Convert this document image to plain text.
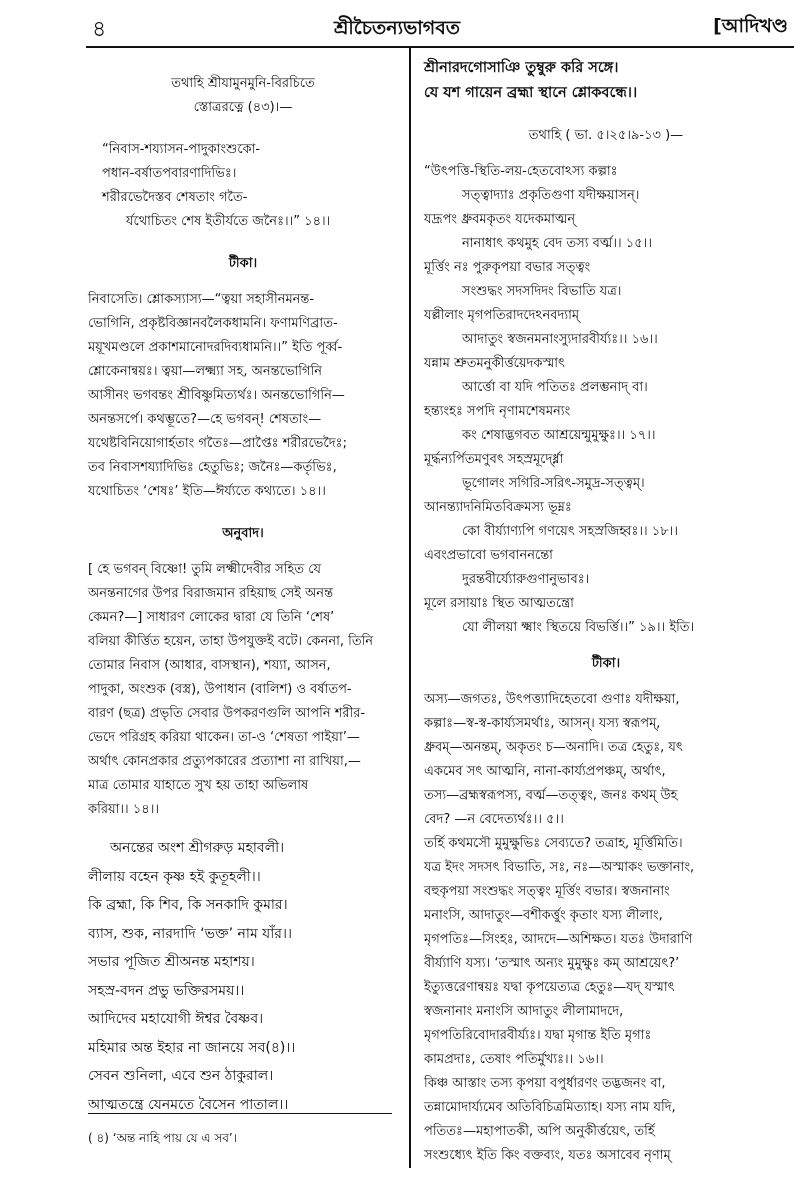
৪	শ্রীচৈতন্যভাগবত	[আদিখণ্ড

তথাহি শ্রীযামুনমুনি-বিরচিতে

স্তোত্ররত্নে (৪৩)।—

“নিবাস-শয্যাসন-পাদুকাংশুকো-

পধান-বর্ষাতপবারণাদিভিঃ।

শরীরভেদৈস্তব শেষতাং গতৈ-

র্যথোচিতং শেষ ইতীর্যতে জনৈঃ।।” ১৪।।

টীকা।

নিবাসেতি। শ্লোকস্যাস্য—“ত্বয়া সহাসীনমনন্ত-

ভোগিনি, প্রকৃষ্টবিজ্ঞানবলৈকধামনি। ফণামণিব্রাত-

ময়ূখমণ্ডলে প্রকাশমানোদরদিব্যধামনি।।” ইতি পূর্ব্ব-

শ্লোকেনান্বয়ঃ। ত্বয়া—লক্ষ্ম্যা সহ, অনন্তভোগিনি

আসীনং ভগবন্তং শ্রীবিষ্ণুমিত্যর্থঃ। অনন্তভোগিনি—

অনন্তসর্পে। কথম্ভূতে?—হে ভগবন্! শেষতাং—

যথেষ্টবিনিয়োগার্হতাং গতৈঃ—প্রাপ্তৈঃ শরীরভেদৈঃ;

তব নিবাসশয্যাদিভিঃ হেতুভিঃ; জনৈঃ—কর্তৃভিঃ,

যথোচিতং ‘শেষঃ’ ইতি—ঈর্য্যতে কথ্যতে। ১৪।।

অনুবাদ।

[ হে ভগবন্ বিষ্ণো! তুমি লক্ষ্মীদেবীর সহিত যে

অনন্তনাগের উপর বিরাজমান রহিয়াছ সেই অনন্ত

কেমন?—] সাধারণ লোকের দ্বারা যে তিনি ‘শেষ’

বলিয়া কীর্ত্তিত হয়েন, তাহা উপযুক্তই বটে। কেননা, তিনি

তোমার নিবাস (আধার, বাসস্থান), শয্যা, আসন,

পাদুকা, অংশুক (বস্ত্র), উপাধান (বালিশ) ও বর্ষাতপ-

বারণ (ছত্র) প্রভৃতি সেবার উপকরণগুলি আপনি শরীর-

ভেদে পরিগ্রহ করিয়া থাকেন। তা-ও ‘শেষতা পাইয়া’—

অর্থাৎ কোনপ্রকার প্রত্যুপকারের প্রত্যাশা না রাখিয়া,—

মাত্র তোমার যাহাতে সুখ হয় তাহা অভিলাষ

করিয়া।। ১৪।।

অনন্তের অংশ শ্রীগরুড় মহাবলী।

লীলায় বহেন কৃষ্ণ হই কুতূহলী।।

কি ব্রহ্মা, কি শিব, কি সনকাদি কুমার।

ব্যাস, শুক, নারদাদি ‘ভক্ত’ নাম যাঁর।।

সভার পূজিত শ্রীঅনন্ত মহাশয়।

সহস্র-বদন প্রভু ভক্তিরসময়।।

আদিদেব মহাযোগী ঈশ্বর বৈষ্ণব।

মহিমার অন্ত ইহার না জানয়ে সব(৪)।।

সেবন শুনিলা, এবে শুন ঠাকুরাল।

আত্মতন্ত্রে যেনমতে বৈসেন পাতাল।।

( ৪) ‘অন্ত নাহি পায় যে এ সব’।

শ্রীনারদগোসাঞি তুম্বুরু করি সঙ্গে।

যে যশ গায়েন ব্রহ্মা স্থানে শ্লোকবন্ধে।।

তথাহি ( ভা. ৫।২৫।৯-১৩ )—

“উৎপত্তি-স্থিতি-লয়-হেতবোঽস্য কল্পাঃ

সত্ত্বাদ্যাঃ প্রকৃতিগুণা যদীক্ষয়াসন্।

যদ্রূপং ধ্রুবমকৃতং যদেকমাত্মন্

নানাধাৎ কথমুহ বেদ তস্য বর্ত্ম।। ১৫।।

মূর্ত্তিং নঃ পুরুকৃপয়া বভার সত্ত্বং

সংশুদ্ধং সদসদিদং বিভাতি যত্র।

যল্লীলাং মৃগপতিরাদদেঽনবদ্যাম্

আদাতুং স্বজনমনাংস্যুদারবীর্য্যঃ।। ১৬।।

যন্নাম শ্রুতমনুকীর্ত্তয়েদকস্মাৎ

আর্ত্তো বা যদি পতিতঃ প্রলম্ভনাদ্ বা।

হন্ত্যংহঃ সপদি নৃণামশেষমন্যং

কং শেষাদ্ভগবত আশ্রয়েন্মুমুক্ষুঃ।। ১৭।।

মূর্দ্ধন্যর্পিতমণুবৎ সহস্রমূর্দ্ধ্নো

ভূগোলং সগিরি-সরিৎ-সমুদ্র-সত্ত্বম্।

আনন্ত্যাদনিমিতবিক্রমস্য ভূম্নঃ

কো বীর্য্যাণ্যপি গণয়েৎ সহস্রজিহ্বঃ।। ১৮।।

এবংপ্রভাবো ভগবাননন্তো

দুরন্তবীর্য্যোরুগুণানুভাবঃ।

মূলে রসায়াঃ স্থিত আত্মতন্ত্রো

যো লীলয়া ক্ষ্মাং স্থিতয়ে বিভর্ত্তি।।” ১৯।। ইতি।

টীকা।

অস্য—জগতঃ, উৎপত্ত্যাদিহেতবো গুণাঃ যদীক্ষয়া,

কল্পাঃ—স্ব-স্ব-কার্য্যসমর্থাঃ, আসন্। যস্য স্বরূপম্,

ধ্রুবম্—অনন্তম্, অকৃতং চ—অনাদি। তত্র হেতুঃ, যৎ

একমেব সৎ আত্মনি, নানা-কার্য্যপ্রপঞ্চম্, অর্থাৎ,

তস্য—ব্রহ্মস্বরূপস্য, বর্ত্ম—তত্ত্বং, জনঃ কথম্ উহ

বেদ? —ন বেদেত্যর্থঃ।। ৫।।

তর্হি কথমসৌ মুমুক্ষুভিঃ সেব্যতে? তত্রাহ, মূর্ত্তিমিতি।

যত্র ইদং সদসৎ বিভাতি, সঃ, নঃ—অস্মাকং ভক্তানাং,

বহুকৃপয়া সংশুদ্ধং সত্ত্বং মূর্ত্তিং বভার। স্বজনানাং

মনাংসি, আদাতুং—বশীকর্ত্তুং কৃতাং যস্য লীলাং,

মৃগপতিঃ—সিংহঃ, আদদে—অশিক্ষত। যতঃ উদারাণি

বীর্য্যাণি যস্য। ‘তস্মাৎ অন্যং মুমুক্ষুঃ কম্ আশ্রয়েৎ?’

ইত্যুত্তরেণান্বয়ঃ যদ্বা কৃপয়েত্যত্র হেতুঃ—যদ্ যস্মাৎ

স্বজনানাং মনাংসি আদাতুং লীলামাদদে,

মৃগপতিরিবোদারবীর্য্যঃ। যদ্বা মৃগান্ত ইতি মৃগাঃ

কামপ্রদাঃ, তেষাং পতির্মুখ্যঃ।। ১৬।।

কিঞ্চ আস্তাং তস্য কৃপয়া বপুর্ধারণং তদ্ভজনং বা,

তন্নামোদার্য্যমেব অতিবিচিত্রমিত্যাহ। যস্য নাম যদি,

পতিতঃ—মহাপাতকী, অপি অনুকীর্ত্তয়েৎ, তর্হি

সংশুধ্যেৎ ইতি কিং বক্তব্যং, যতঃ অসাবেব নৃণাম্
